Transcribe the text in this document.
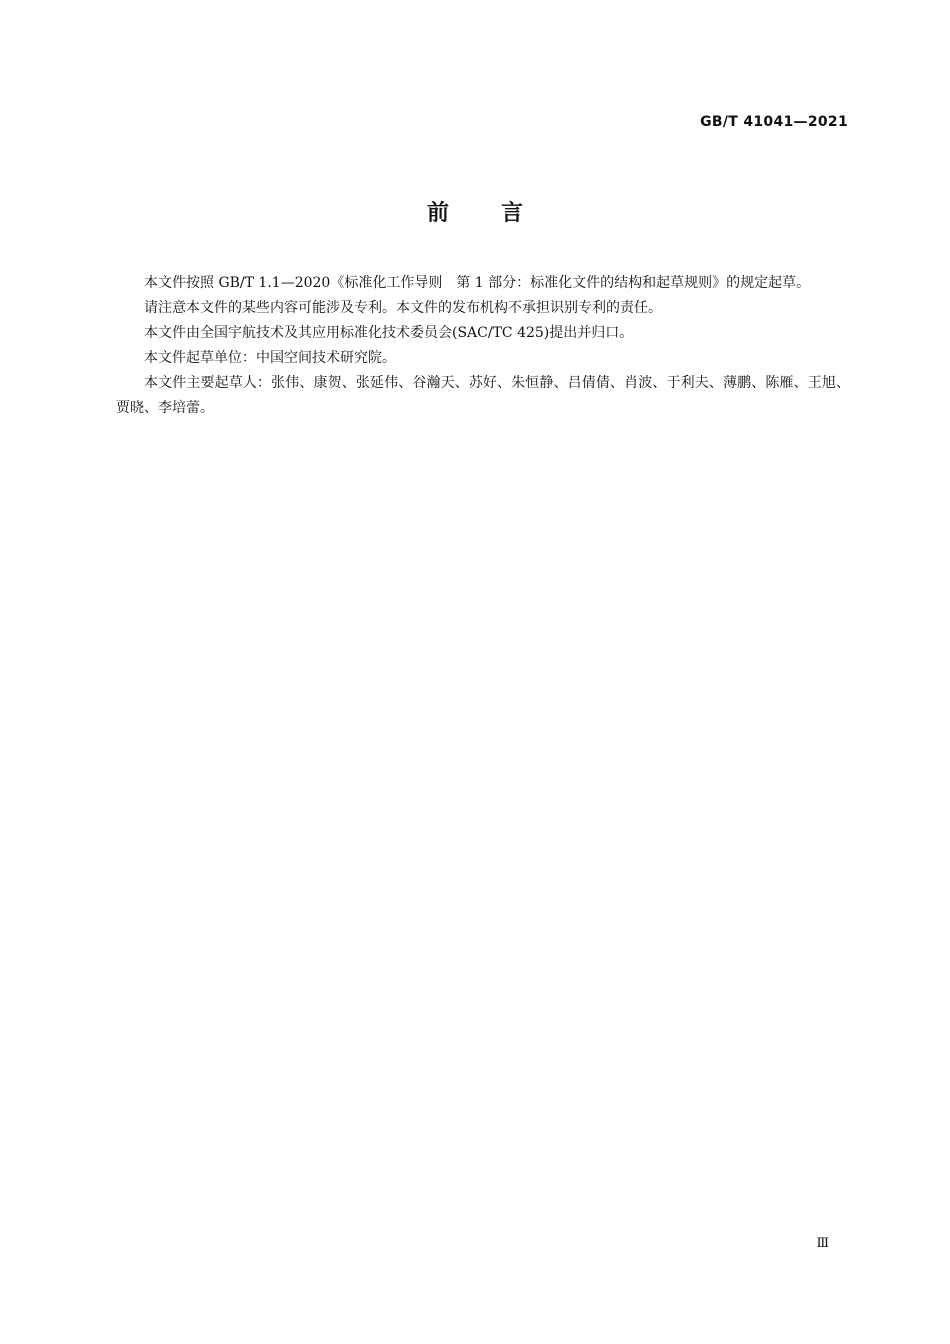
GB/T 41041—2021
前 言

本文件按照 GB/T 1.1—2020《标准化工作导则　第 1 部分：标准化文件的结构和起草规则》的规定起草。

请注意本文件的某些内容可能涉及专利。本文件的发布机构不承担识别专利的责任。

本文件由全国宇航技术及其应用标准化技术委员会(SAC/TC 425)提出并归口。

本文件起草单位：中国空间技术研究院。

本文件主要起草人：张伟、康贺、张延伟、谷瀚天、苏好、朱恒静、吕倩倩、肖波、于利夫、薄鹏、陈雁、王旭、贾晓、李培蕾。

Ⅲ
